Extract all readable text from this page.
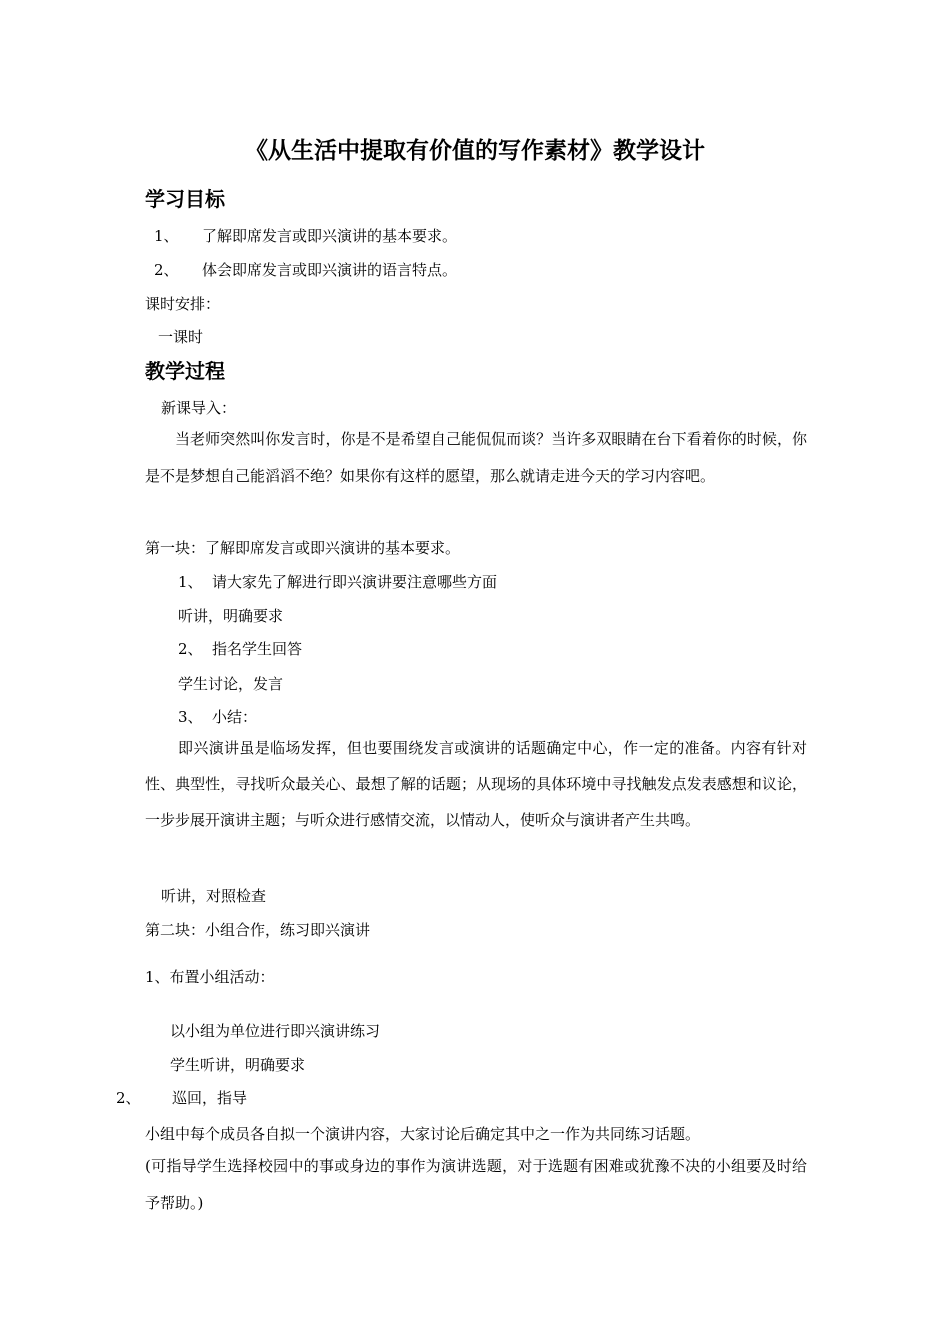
《从生活中提取有价值的写作素材》教学设计
学习目标
1、 了解即席发言或即兴演讲的基本要求。
2、 体会即席发言或即兴演讲的语言特点。
课时安排：
一课时
教学过程
新课导入：
当老师突然叫你发言时，你是不是希望自己能侃侃而谈？当许多双眼睛在台下看着你的时候，你是不是梦想自己能滔滔不绝？如果你有这样的愿望，那么就请走进今天的学习内容吧。
第一块：了解即席发言或即兴演讲的基本要求。
1、 请大家先了解进行即兴演讲要注意哪些方面
听讲，明确要求
2、 指名学生回答
学生讨论，发言
3、 小结：
即兴演讲虽是临场发挥，但也要围绕发言或演讲的话题确定中心，作一定的准备。内容有针对性、典型性，寻找听众最关心、最想了解的话题；从现场的具体环境中寻找触发点发表感想和议论，一步步展开演讲主题；与听众进行感情交流，以情动人，使听众与演讲者产生共鸣。
听讲，对照检查
第二块：小组合作，练习即兴演讲
1、布置小组活动：
以小组为单位进行即兴演讲练习
学生听讲，明确要求
2、 巡回，指导
小组中每个成员各自拟一个演讲内容，大家讨论后确定其中之一作为共同练习话题。
(可指导学生选择校园中的事或身边的事作为演讲选题，对于选题有困难或犹豫不决的小组要及时给予帮助。)
